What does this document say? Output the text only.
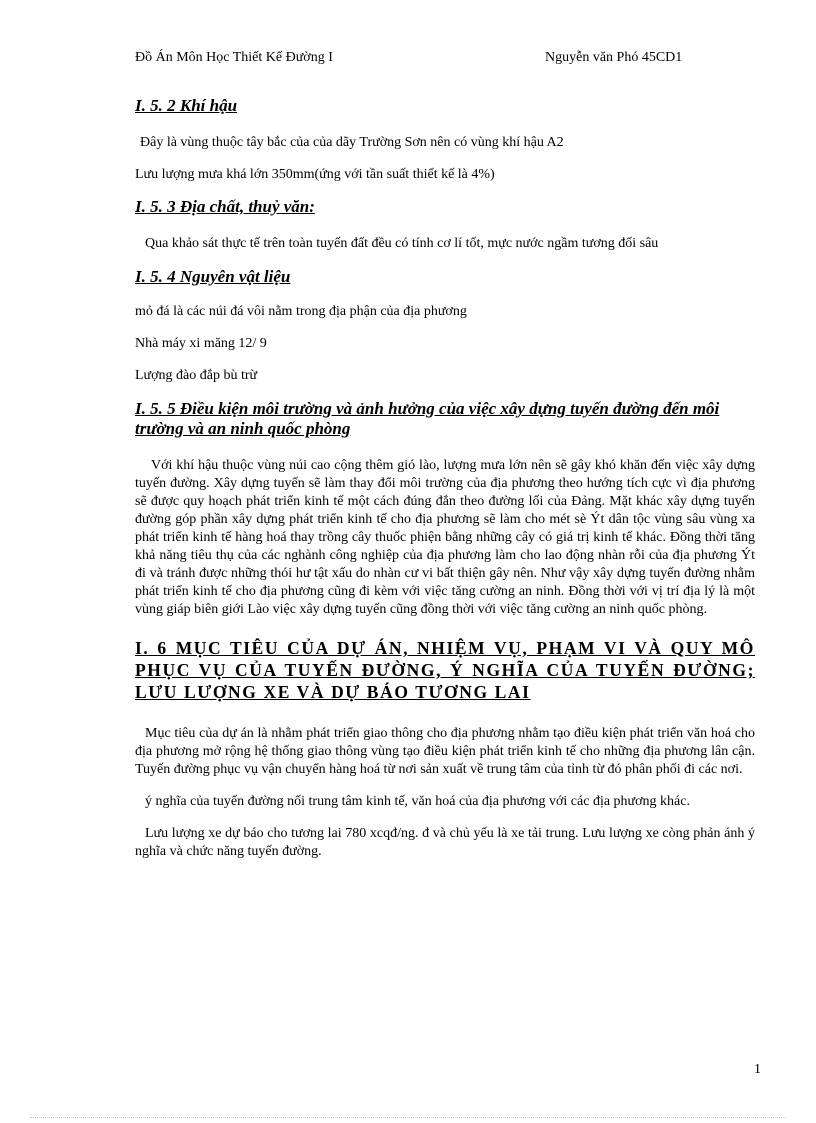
Đồ Án Môn Học Thiết Kế Đường I	Nguyễn văn Phó 45CD1
I. 5. 2 Khí hậu
Đây là vùng thuộc tây bắc của của dãy Trường Sơn nên có vùng khí hậu A2
Lưu lượng mưa khá lớn 350mm(ứng với tần suất thiết kế là 4%)
I. 5. 3 Địa chất, thuỷ văn:
Qua khảo sát thực tế trên toàn tuyến đất đều có tính cơ lí tốt, mực nước ngầm tương đối sâu
I. 5. 4 Nguyên vật liệu
mỏ đá là các núi đá vôi nằm trong địa phận của địa phương
Nhà máy xi măng 12/ 9
Lượng đào đắp bù trừ
I. 5. 5 Điều kiện môi trường và ảnh hưởng của việc xây dựng tuyến đường đến môi trường và an ninh quốc phòng
Với khí hậu thuộc vùng núi cao cộng thêm gió lào, lượng mưa lớn nên sẽ gây khó khăn đến việc xây dựng tuyến đường. Xây dựng tuyến sẽ làm thay đổi môi trường của địa phương theo hướng tích cực vì địa phương sẽ được quy hoạch phát triển kinh tế một cách đúng đắn theo đường lối của Đảng. Mặt khác xây dựng tuyến đường góp phần xây dựng phát triển kinh tế cho địa phương sẽ làm cho mét sè Ýt dân tộc vùng sâu vùng xa phát triển kinh tế hàng hoá thay trồng cây thuốc phiện bằng những cây có giá trị kinh tế khác. Đồng thời tăng khả năng tiêu thụ của các nghành công nghiệp của địa phương làm cho lao động nhàn rỗi của địa phương Ýt đi và tránh được những thói hư tật xấu do nhàn cư vi bất thiện gây nên. Như vậy xây dựng tuyến đường nhằm phát triển kinh tế cho địa phương cũng đi kèm với việc tăng cường an ninh. Đồng thời với vị trí địa lý là một vùng giáp biên giới Lào việc xây dựng tuyến cũng đồng thời với việc tăng cường an ninh quốc phòng.
I. 6 MỤC TIÊU CỦA DỰ ÁN, NHIỆM VỤ, PHẠM VI VÀ QUY MÔ PHỤC VỤ CỦA TUYẾN ĐƯỜNG, Ý NGHĨA CỦA TUYẾN ĐƯỜNG; LƯU LƯỢNG XE VÀ DỰ BÁO TƯƠNG LAI
Mục tiêu của dự án là nhằm phát triển giao thông cho địa phương nhằm tạo điều kiện phát triển văn hoá cho địa phương mở rộng hệ thống giao thông vùng tạo điều kiện phát triển kinh tế cho những địa phương lân cận. Tuyến đường phục vụ vận chuyển hàng hoá từ nơi sản xuất về trung tâm của tỉnh từ đó phân phối đi các nơi.
ý nghĩa của tuyến đường nối trung tâm kinh tế, văn hoá của địa phương với các địa phương khác.
Lưu lượng xe dự báo cho tương lai 780 xcqđ/ng. đ và chủ yếu là xe tải trung. Lưu lượng xe còng phản ánh ý nghĩa và chức năng tuyến đường.
1
